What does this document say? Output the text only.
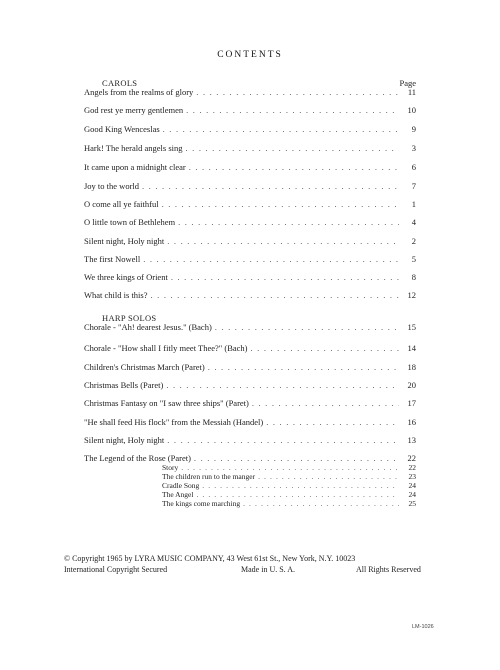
CONTENTS
CAROLS	Page
Angels from the realms of glory . . .	11
God rest ye merry gentlemen . . .	10
Good King Wenceslas . . .	9
Hark! The herald angels sing . . .	3
It came upon a midnight clear . . .	6
Joy to the world . . .	7
O come all ye faithful . . .	1
O little town of Bethlehem . . .	4
Silent night, Holy night . . .	2
The first Nowell . . .	5
We three kings of Orient . . .	8
What child is this? . . .	12
HARP SOLOS
Chorale - "Ah! dearest Jesus." (Bach) . . .	15
Chorale - "How shall I fitly meet Thee?" (Bach) . . .	14
Children's Christmas March (Paret) . . .	18
Christmas Bells (Paret) . . .	20
Christmas Fantasy on "I saw three ships" (Paret) . . .	17
"He shall feed His flock" from the Messiah (Handel) . . .	16
Silent night, Holy night . . .	13
The Legend of the Rose (Paret) . . .	22
Story . . .	22
The children run to the manger . . .	23
Cradle Song . . .	24
The Angel . . .	24
The kings come marching . . .	25
© Copyright 1965 by LYRA MUSIC COMPANY, 43 West 61st St., New York, N.Y. 10023
International Copyright Secured	Made in U. S. A.	All Rights Reserved
LM-1026
